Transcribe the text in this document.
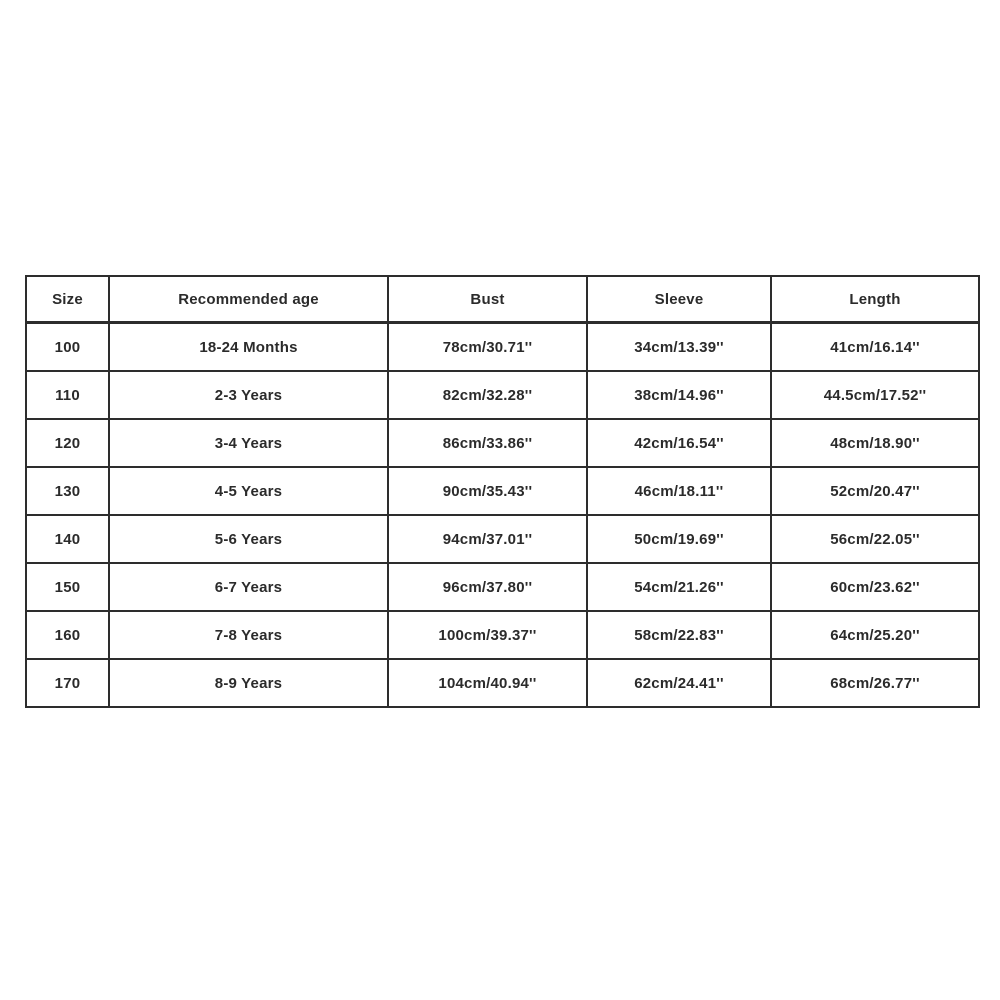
Size	Recommended age	Bust	Sleeve	Length
100	18-24 Months	78cm/30.71''	34cm/13.39''	41cm/16.14''
110	2-3 Years	82cm/32.28''	38cm/14.96''	44.5cm/17.52''
120	3-4 Years	86cm/33.86''	42cm/16.54''	48cm/18.90''
130	4-5 Years	90cm/35.43''	46cm/18.11''	52cm/20.47''
140	5-6 Years	94cm/37.01''	50cm/19.69''	56cm/22.05''
150	6-7 Years	96cm/37.80''	54cm/21.26''	60cm/23.62''
160	7-8 Years	100cm/39.37''	58cm/22.83''	64cm/25.20''
170	8-9 Years	104cm/40.94''	62cm/24.41''	68cm/26.77''
